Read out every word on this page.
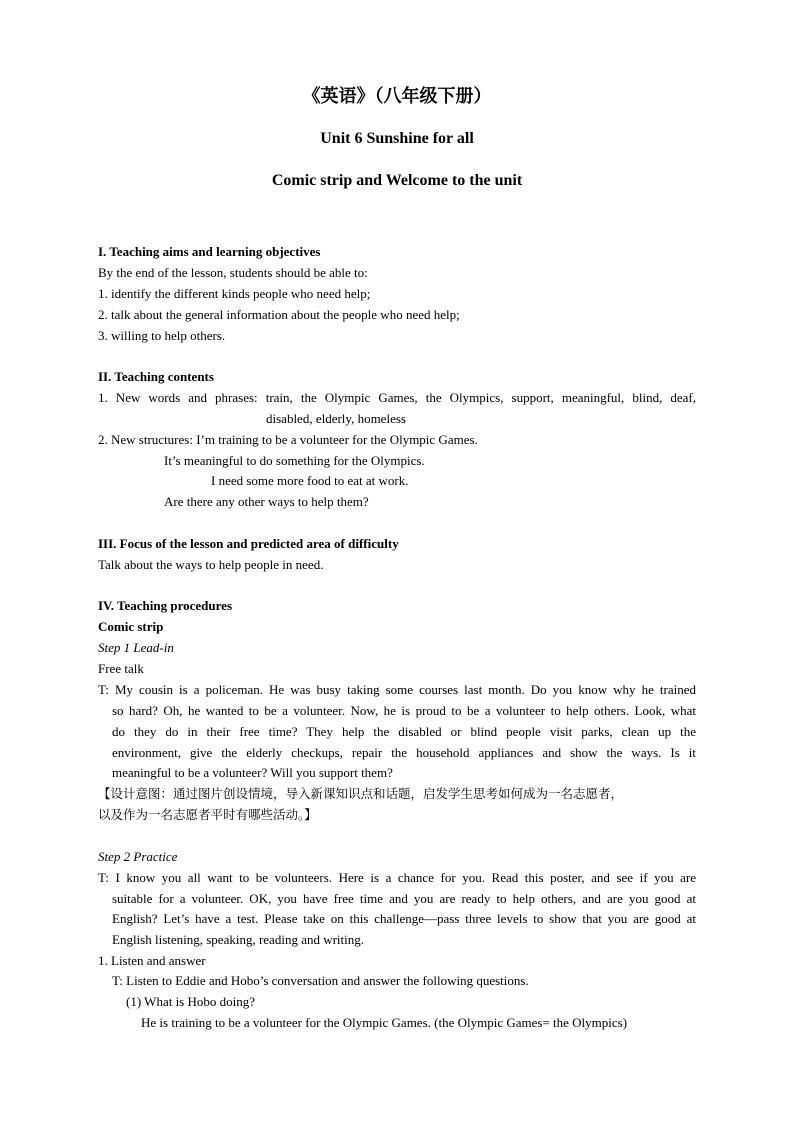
《英语》（八年级下册）
Unit 6 Sunshine for all
Comic strip and Welcome to the unit
I. Teaching aims and learning objectives
By the end of the lesson, students should be able to:
1. identify the different kinds people who need help;
2. talk about the general information about the people who need help;
3. willing to help others.
II. Teaching contents
1. New words and phrases: train, the Olympic Games, the Olympics, support, meaningful, blind, deaf,
disabled, elderly, homeless
2. New structures: I’m training to be a volunteer for the Olympic Games.
It’s meaningful to do something for the Olympics.
I need some more food to eat at work.
Are there any other ways to help them?
III. Focus of the lesson and predicted area of difficulty
Talk about the ways to help people in need.
IV. Teaching procedures
Comic strip
Step 1 Lead-in
Free talk
T: My cousin is a policeman. He was busy taking some courses last month. Do you know why he trained
so hard? Oh, he wanted to be a volunteer. Now, he is proud to be a volunteer to help others. Look, what
do they do in their free time? They help the disabled or blind people visit parks, clean up the
environment, give the elderly checkups, repair the household appliances and show the ways. Is it
meaningful to be a volunteer? Will you support them?
【设计意图：通过图片创设情境，导入新课知识点和话题，启发学生思考如何成为一名志愿者，
以及作为一名志愿者平时有哪些活动。】
Step 2 Practice
T: I know you all want to be volunteers. Here is a chance for you. Read this poster, and see if you are
suitable for a volunteer. OK, you have free time and you are ready to help others, and are you good at
English? Let’s have a test. Please take on this challenge—pass three levels to show that you are good at
English listening, speaking, reading and writing.
1. Listen and answer
T: Listen to Eddie and Hobo’s conversation and answer the following questions.
(1) What is Hobo doing?
He is training to be a volunteer for the Olympic Games. (the Olympic Games= the Olympics)
